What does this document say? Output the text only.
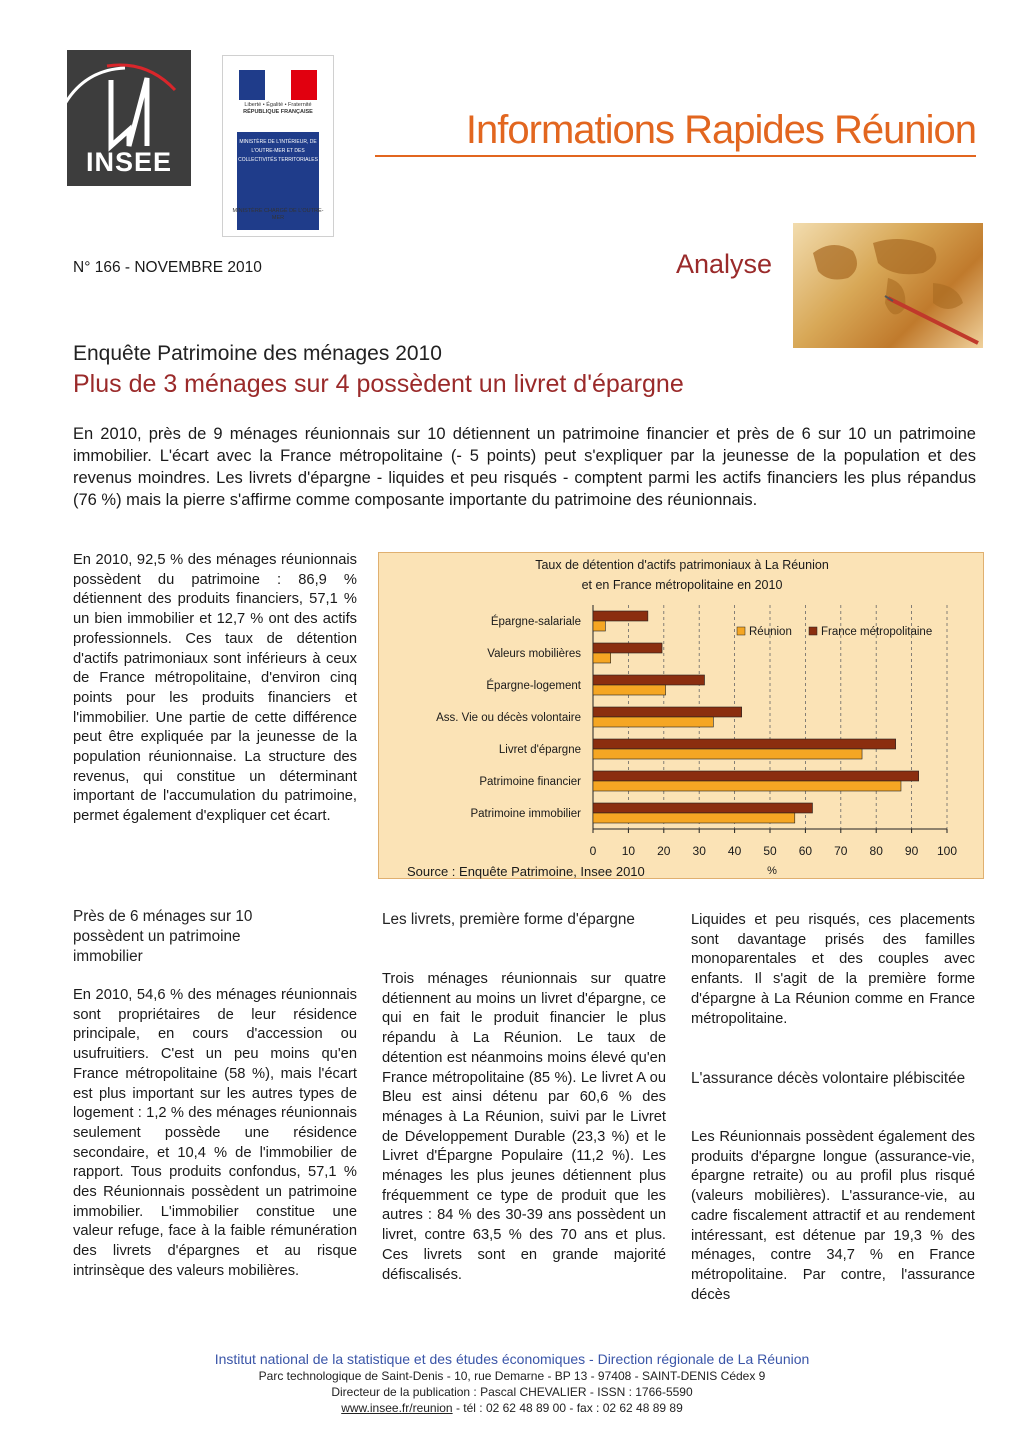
INSEE
Liberté • Égalité • Fraternité
RÉPUBLIQUE FRANÇAISE
MINISTÈRE DE L'INTÉRIEUR, DE L'OUTRE-MER ET DES COLLECTIVITÉS TERRITORIALES
MINISTÈRE CHARGÉ DE L'OUTRE-MER
Informations Rapides Réunion
N° 166 - NOVEMBRE 2010	Analyse
Enquête Patrimoine des ménages 2010
Plus de 3 ménages sur 4 possèdent un livret d'épargne
En 2010, près de 9 ménages réunionnais sur 10 détiennent un patrimoine financier et près de 6 sur 10 un patrimoine immobilier. L'écart avec la France métropolitaine (- 5 points) peut s'expliquer par la jeunesse de la population et des revenus moindres. Les livrets d'épargne - liquides et peu risqués - comptent parmi les actifs financiers les plus répandus (76 %) mais la pierre s'affirme comme composante importante du patrimoine des réunionnais.
En 2010, 92,5 % des ménages réunionnais possèdent du patrimoine : 86,9 % détiennent des produits financiers, 57,1 % un bien immobilier et 12,7 % ont des actifs professionnels. Ces taux de détention d'actifs patrimoniaux sont inférieurs à ceux de France métropolitaine, d'environ cinq points pour les produits financiers et l'immobilier. Une partie de cette différence peut être expliquée par la jeunesse de la population réunionnaise. La structure des revenus, qui constitue un déterminant important de l'accumulation du patrimoine, permet également d'expliquer cet écart.
Près de 6 ménages sur 10 possèdent un patrimoine immobilier
En 2010, 54,6 % des ménages réunionnais sont propriétaires de leur résidence principale, en cours d'accession ou usufruitiers. C'est un peu moins qu'en France métropolitaine (58 %), mais l'écart est plus important sur les autres types de logement : 1,2 % des ménages réunionnais seulement possède une résidence secondaire, et 10,4 % de l'immobilier de rapport. Tous produits confondus, 57,1 % des Réunionnais possèdent un patrimoine immobilier. L'immobilier constitue une valeur refuge, face à la faible rémunération des livrets d'épargnes et au risque intrinsèque des valeurs mobilières.
Taux de détention d'actifs patrimoniaux à La Réunion
et en France métropolitaine en 2010
0 10 20 30 40 50 60 70 80 90 100
Épargne-salariale
Valeurs mobilières
Épargne-logement
Ass. Vie ou décès volontaire
Livret d'épargne
Patrimoine financier
Patrimoine immobilier
Réunion	France métropolitaine
Source : Enquête Patrimoine, Insee 2010	%
Les livrets, première forme d'épargne
Trois ménages réunionnais sur quatre détiennent au moins un livret d'épargne, ce qui en fait le produit financier le plus répandu à La Réunion. Le taux de détention est néanmoins moins élevé qu'en France métropolitaine (85 %). Le livret A ou Bleu est ainsi détenu par 60,6 % des ménages à La Réunion, suivi par le Livret de Développement Durable (23,3 %) et le Livret d'Épargne Populaire (11,2 %). Les ménages les plus jeunes détiennent plus fréquemment ce type de produit que les autres : 84 % des 30-39 ans possèdent un livret, contre 63,5 % des 70 ans et plus. Ces livrets sont en grande majorité défiscalisés.
Liquides et peu risqués, ces placements sont davantage prisés des familles monoparentales et des couples avec enfants. Il s'agit de la première forme d'épargne à La Réunion comme en France métropolitaine.
L'assurance décès volontaire plébiscitée
Les Réunionnais possèdent également des produits d'épargne longue (assurance-vie, épargne retraite) ou au profil plus risqué (valeurs mobilières). L'assurance-vie, au cadre fiscalement attractif et au rendement intéressant, est détenue par 19,3 % des ménages, contre 34,7 % en France métropolitaine. Par contre, l'assurance décès
Institut national de la statistique et des études économiques - Direction régionale de La Réunion
Parc technologique de Saint-Denis - 10, rue Demarne - BP 13 - 97408 - SAINT-DENIS Cédex 9
Directeur de la publication : Pascal CHEVALIER - ISSN : 1766-5590
www.insee.fr/reunion - tél : 02 62 48 89 00 - fax : 02 62 48 89 89
